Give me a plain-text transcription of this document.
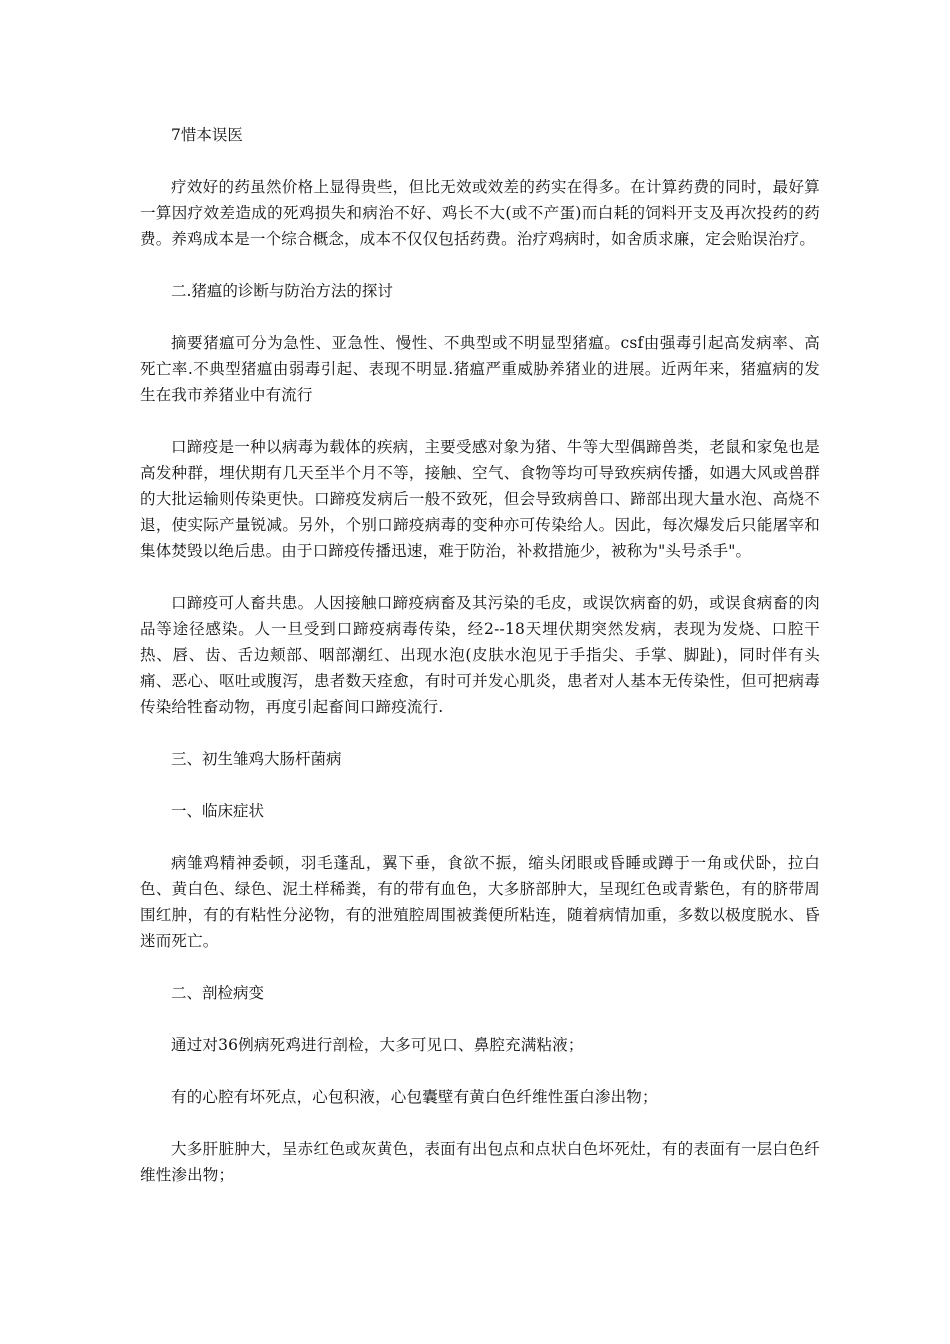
7惜本误医

疗效好的药虽然价格上显得贵些，但比无效或效差的药实在得多。在计算药费的同时，最好算一算因疗效差造成的死鸡损失和病治不好、鸡长不大(或不产蛋)而白耗的饲料开支及再次投药的药费。养鸡成本是一个综合概念，成本不仅仅包括药费。治疗鸡病时，如舍质求廉，定会贻误治疗。

二.猪瘟的诊断与防治方法的探讨

摘要猪瘟可分为急性、亚急性、慢性、不典型或不明显型猪瘟。csf由强毒引起高发病率、高死亡率.不典型猪瘟由弱毒引起、表现不明显.猪瘟严重威胁养猪业的进展。近两年来，猪瘟病的发生在我市养猪业中有流行

口蹄疫是一种以病毒为载体的疾病，主要受感对象为猪、牛等大型偶蹄兽类，老鼠和家兔也是高发种群，埋伏期有几天至半个月不等，接触、空气、食物等均可导致疾病传播，如遇大风或兽群的大批运输则传染更快。口蹄疫发病后一般不致死，但会导致病兽口、蹄部出现大量水泡、高烧不退，使实际产量锐减。另外，个别口蹄疫病毒的变种亦可传染给人。因此，每次爆发后只能屠宰和集体焚毁以绝后患。由于口蹄疫传播迅速，难于防治，补救措施少，被称为"头号杀手"。

口蹄疫可人畜共患。人因接触口蹄疫病畜及其污染的毛皮，或误饮病畜的奶，或误食病畜的肉品等途径感染。人一旦受到口蹄疫病毒传染，经2--18天埋伏期突然发病，表现为发烧、口腔干热、唇、齿、舌边颊部、咽部潮红、出现水泡(皮肤水泡见于手指尖、手掌、脚趾)，同时伴有头痛、恶心、呕吐或腹泻，患者数天痊愈，有时可并发心肌炎，患者对人基本无传染性，但可把病毒传染给牲畜动物，再度引起畜间口蹄疫流行.

三、初生雏鸡大肠杆菌病

一、临床症状

病雏鸡精神委顿，羽毛蓬乱，翼下垂，食欲不振，缩头闭眼或昏睡或蹲于一角或伏卧，拉白色、黄白色、绿色、泥土样稀粪，有的带有血色，大多脐部肿大，呈现红色或青紫色，有的脐带周围红肿，有的有粘性分泌物，有的泄殖腔周围被粪便所粘连，随着病情加重，多数以极度脱水、昏迷而死亡。

二、剖检病变

通过对36例病死鸡进行剖检，大多可见口、鼻腔充满粘液；

有的心腔有坏死点，心包积液，心包囊壁有黄白色纤维性蛋白渗出物；

大多肝脏肿大，呈赤红色或灰黄色，表面有出包点和点状白色坏死灶，有的表面有一层白色纤维性渗出物；
